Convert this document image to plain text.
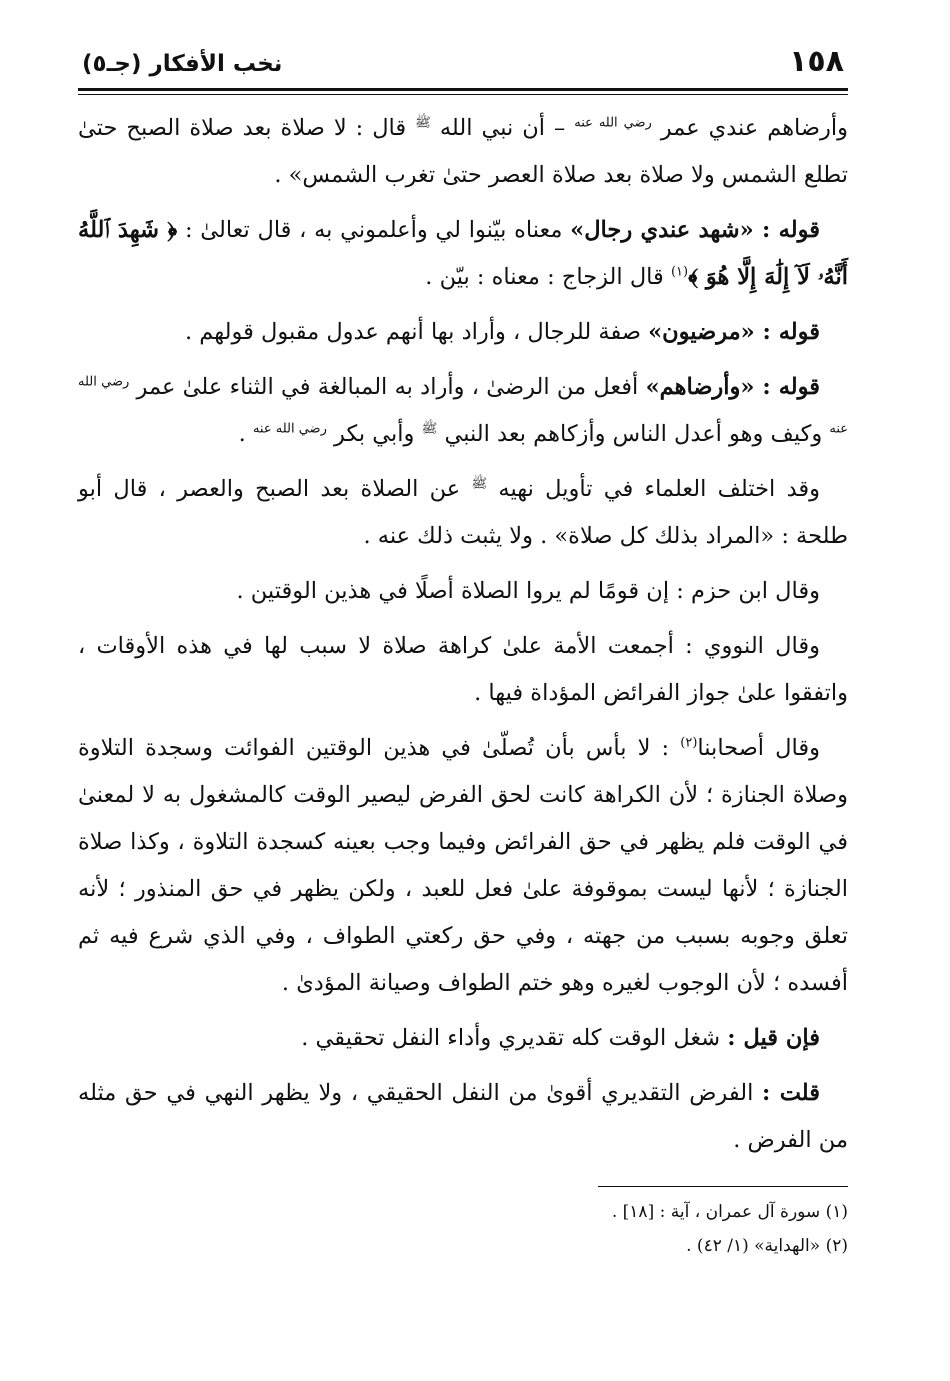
١٥٨
نخب الأفكار (جـ٥)

وأرضاهم عندي عمر $^{رضي الله عنه}$ – أن نبي الله $^ﷺ$ قال : لا صلاة بعد صلاة الصبح حتىٰ تطلع الشمس ولا صلاة بعد صلاة العصر حتىٰ تغرب الشمس» .

قوله : «شهد عندي رجال» معناه بيّنوا لي وأعلموني به ، قال تعالىٰ : ﴿ شَهِدَ ٱللَّهُ أَنَّهُۥ لَآ إِلَٰهَ إِلَّا هُوَ ﴾$^{(١)}$ قال الزجاج : معناه : بيّن .

قوله : «مرضيون» صفة للرجال ، وأراد بها أنهم عدول مقبول قولهم .

قوله : «وأرضاهم» أفعل من الرضىٰ ، وأراد به المبالغة في الثناء علىٰ عمر $^{رضي الله عنه}$ وكيف وهو أعدل الناس وأزكاهم بعد النبي $^ﷺ$ وأبي بكر $^{رضي الله عنه}$ .

وقد اختلف العلماء في تأويل نهيه $^ﷺ$ عن الصلاة بعد الصبح والعصر ، قال أبو طلحة : «المراد بذلك كل صلاة» . ولا يثبت ذلك عنه .

وقال ابن حزم : إن قومًا لم يروا الصلاة أصلًا في هذين الوقتين .

وقال النووي : أجمعت الأمة علىٰ كراهة صلاة لا سبب لها في هذه الأوقات ، واتفقوا علىٰ جواز الفرائض المؤداة فيها .

وقال أصحابنا$^{(٢)}$ : لا بأس بأن تُصلّىٰ في هذين الوقتين الفوائت وسجدة التلاوة وصلاة الجنازة ؛ لأن الكراهة كانت لحق الفرض ليصير الوقت كالمشغول به لا لمعنىٰ في الوقت فلم يظهر في حق الفرائض وفيما وجب بعينه كسجدة التلاوة ، وكذا صلاة الجنازة ؛ لأنها ليست بموقوفة علىٰ فعل للعبد ، ولكن يظهر في حق المنذور ؛ لأنه تعلق وجوبه بسبب من جهته ، وفي حق ركعتي الطواف ، وفي الذي شرع فيه ثم أفسده ؛ لأن الوجوب لغيره وهو ختم الطواف وصيانة المؤدىٰ .

فإن قيل : شغل الوقت كله تقديري وأداء النفل تحقيقي .

قلت : الفرض التقديري أقوىٰ من النفل الحقيقي ، ولا يظهر النهي في حق مثله من الفرض .

(١) سورة آل عمران ، آية : [١٨] .

(٢) «الهداية» (١/ ٤٢) .
